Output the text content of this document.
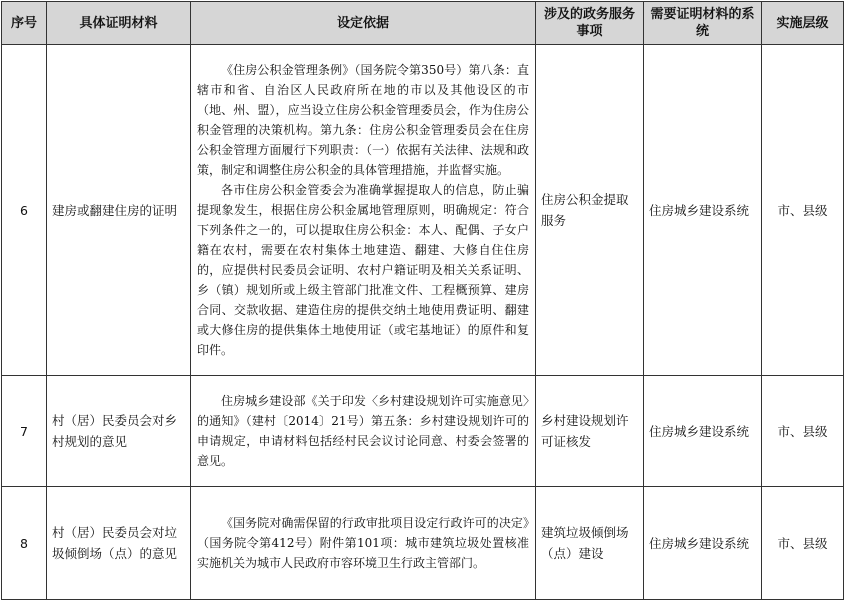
序号	具体证明材料	设定依据	涉及的政务服务事项	需要证明材料的系统	实施层级
6	建房或翻建住房的证明	《住房公积金管理条例》（国务院令第350号）第八条：直辖市和省、自治区人民政府所在地的市以及其他设区的市（地、州、盟），应当设立住房公积金管理委员会，作为住房公积金管理的决策机构。第九条：住房公积金管理委员会在住房公积金管理方面履行下列职责：（一）依据有关法律、法规和政策，制定和调整住房公积金的具体管理措施，并监督实施。

各市住房公积金管委会为准确掌握提取人的信息，防止骗提现象发生，根据住房公积金属地管理原则，明确规定：符合下列条件之一的，可以提取住房公积金：本人、配偶、子女户籍在农村，需要在农村集体土地建造、翻建、大修自住住房的，应提供村民委员会证明、农村户籍证明及相关关系证明、乡（镇）规划所或上级主管部门批准文件、工程概预算、建房合同、交款收据、建造住房的提供交纳土地使用费证明、翻建或大修住房的提供集体土地使用证（或宅基地证）的原件和复印件。	住房公积金提取服务	住房城乡建设系统	市、县级
7	村（居）民委员会对乡村规划的意见	住房城乡建设部《关于印发〈乡村建设规划许可实施意见〉的通知》（建村〔2014〕21号）第五条：乡村建设规划许可的申请规定，申请材料包括经村民会议讨论同意、村委会签署的意见。	乡村建设规划许可证核发	住房城乡建设系统	市、县级
8	村（居）民委员会对垃圾倾倒场（点）的意见	《国务院对确需保留的行政审批项目设定行政许可的决定》（国务院令第412号）附件第101项：城市建筑垃圾处置核准实施机关为城市人民政府市容环境卫生行政主管部门。	建筑垃圾倾倒场（点）建设	住房城乡建设系统	市、县级
